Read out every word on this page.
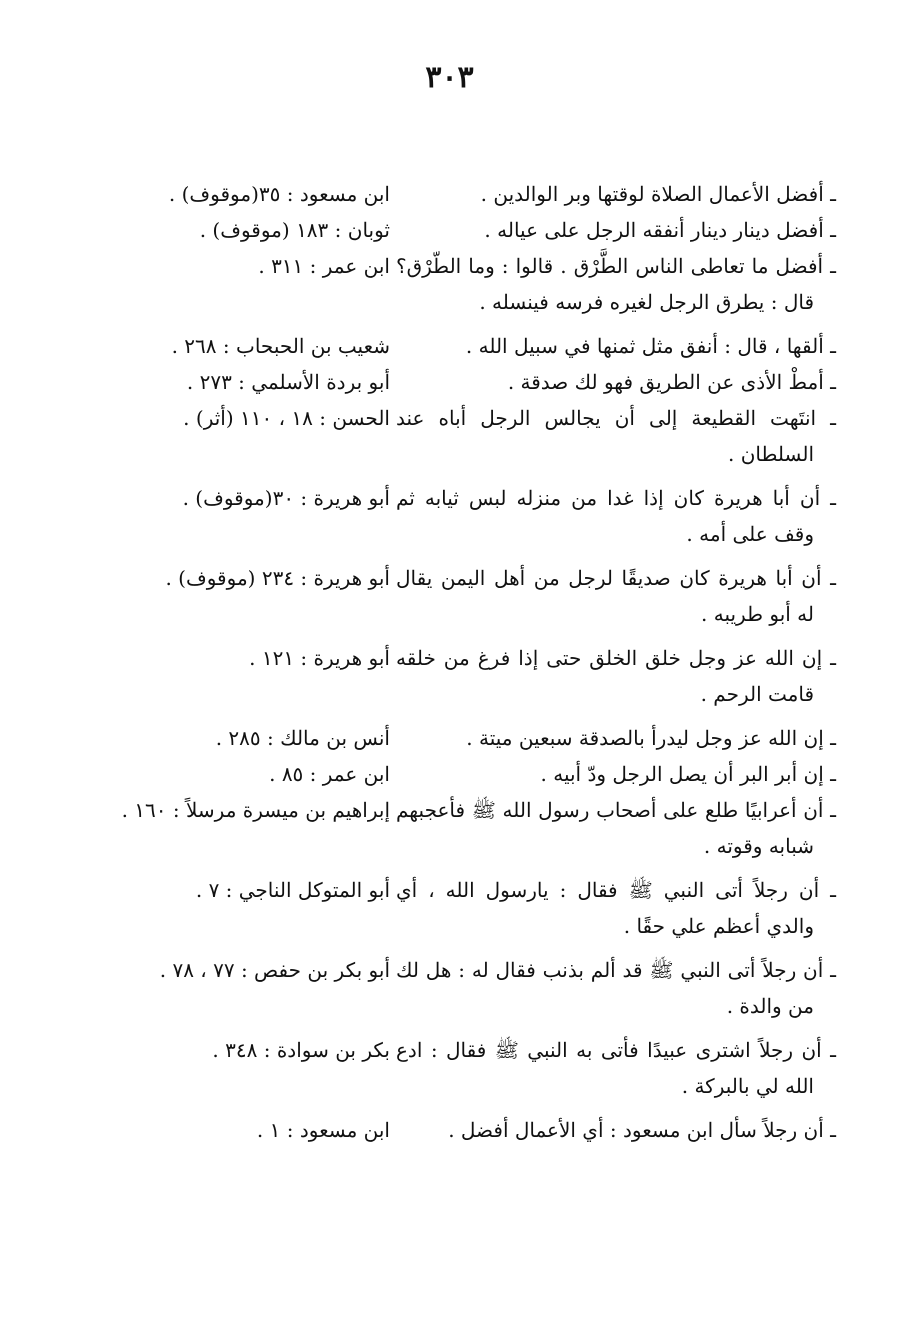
٣٠٣
ـ أفضل الأعمال الصلاة لوقتها وبر الوالدين .
ابن مسعود : ٣٥(موقوف) .
ـ أفضل دينار دينار أنفقه الرجل على عياله .
ثوبان : ١٨٣ (موقوف) .
ـ أفضل ما تعاطى الناس الطَّرْق . قالوا : وما الطّرْق؟ قال : يطرق الرجل لغيره فرسه فينسله .
ابن عمر : ٣١١ .
ـ ألقها ، قال : أنفق مثل ثمنها في سبيل الله .
شعيب بن الحبحاب : ٢٦٨ .
ـ أمطْ الأذى عن الطريق فهو لك صدقة .
أبو بردة الأسلمي : ٢٧٣ .
ـ انتَهت القطيعة إلى أن يجالس الرجل أباه عند السلطان .
الحسن : ١٨ ، ١١٠ (أثر) .
ـ أن أبا هريرة كان إذا غدا من منزله لبس ثيابه ثم وقف على أمه .
أبو هريرة : ٣٠(موقوف) .
ـ أن أبا هريرة كان صديقًا لرجل من أهل اليمن يقال له أبو طريبه .
أبو هريرة : ٢٣٤ (موقوف) .
ـ إن الله عز وجل خلق الخلق حتى إذا فرغ من خلقه قامت الرحم .
أبو هريرة : ١٢١ .
ـ إن الله عز وجل ليدرأ بالصدقة سبعين ميتة .
أنس بن مالك : ٢٨٥ .
ـ إن أبر البر أن يصل الرجل ودّ أبيه .
ابن عمر : ٨٥ .
ـ أن أعرابيًا طلع على أصحاب رسول الله ﷺ فأعجبهم شبابه وقوته .
إبراهيم بن ميسرة مرسلاً : ١٦٠ .
ـ أن رجلاً أتى النبي ﷺ فقال : يارسول الله ، أي والدي أعظم علي حقًا .
أبو المتوكل الناجي : ٧ .
ـ أن رجلاً أتى النبي ﷺ قد ألم بذنب فقال له : هل لك من والدة .
أبو بكر بن حفص : ٧٧ ، ٧٨ .
ـ أن رجلاً اشترى عبيدًا فأتى به النبي ﷺ فقال : ادع الله لي بالبركة .
بكر بن سوادة : ٣٤٨ .
ـ أن رجلاً سأل ابن مسعود : أي الأعمال أفضل .
ابن مسعود : ١ .
